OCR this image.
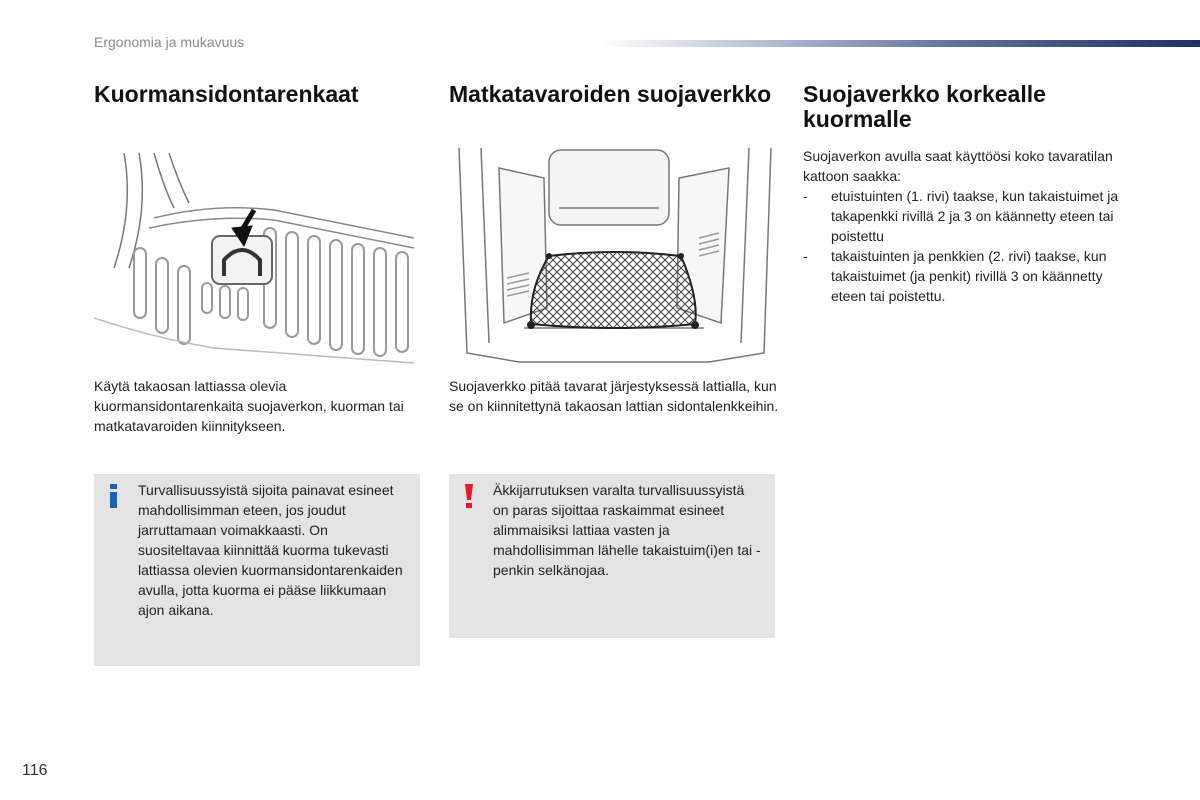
Ergonomia ja mukavuus
Kuormansidontarenkaat	Matkatavaroiden suojaverkko	Suojaverkko korkealle kuormalle
Käytä takaosan lattiassa olevia kuormansidontarenkaita suojaverkon, kuorman tai matkatavaroiden kiinnitykseen.
Suojaverkko pitää tavarat järjestyksessä lattialla, kun se on kiinnitettynä takaosan lattian sidontalenkkeihin.
Suojaverkon avulla saat käyttöösi koko tavaratilan kattoon saakka:
- etuistuinten (1. rivi) taakse, kun takaistuimet ja takapenkki rivillä 2 ja 3 on käännetty eteen tai poistettu
- takaistuinten ja penkkien (2. rivi) taakse, kun takaistuimet (ja penkit) rivillä 3 on käännetty eteen tai poistettu.
Turvallisuussyistä sijoita painavat esineet mahdollisimman eteen, jos joudut jarruttamaan voimakkaasti. On suositeltavaa kiinnittää kuorma tukevasti lattiassa olevien kuormansidontarenkaiden avulla, jotta kuorma ei pääse liikkumaan ajon aikana.
Äkkijarrutuksen varalta turvallisuussyistä on paras sijoittaa raskaimmat esineet alimmaisiksi lattiaa vasten ja mahdollisimman lähelle takaistuim(i)en tai -penkin selkänojaa.
116
